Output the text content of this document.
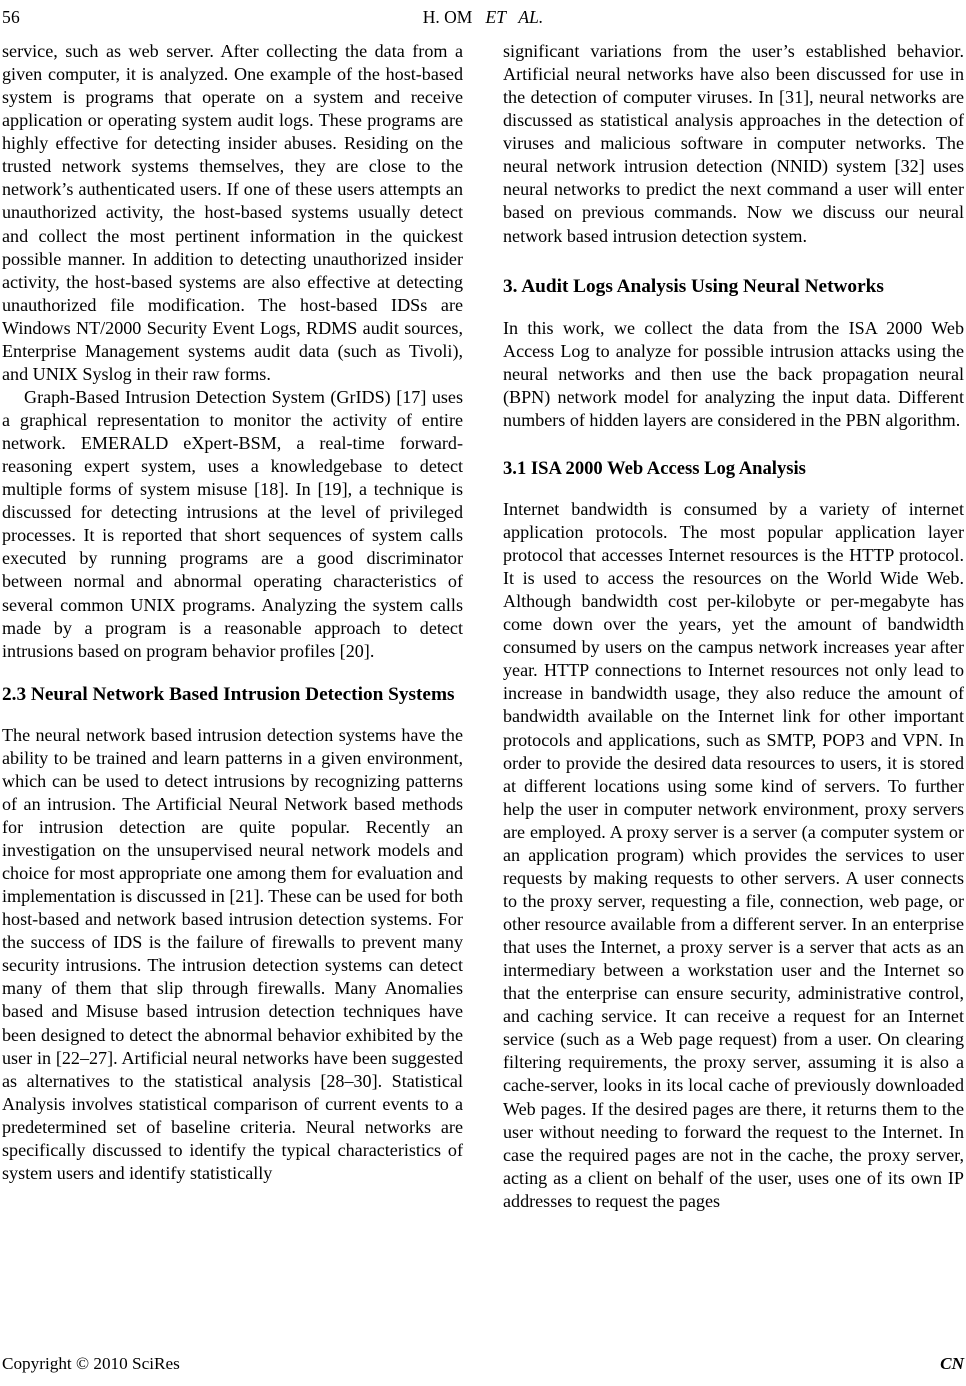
56	H. OM ET   AL.

service, such as web server. After collecting the data from a given computer, it is analyzed. One example of the host-based system is programs that operate on a system and receive application or operating system audit logs. These programs are highly effective for detecting insider abuses. Residing on the trusted network systems themselves, they are close to the network’s authenticated users. If one of these users attempts an unauthorized activity, the host-based systems usually detect and collect the most pertinent information in the quickest possible manner. In addition to detecting unauthorized insider activity, the host-based systems are also effective at detecting unauthorized file modification. The host-based IDSs are Windows NT/2000 Security Event Logs, RDMS audit sources, Enterprise Management systems audit data (such as Tivoli), and UNIX Syslog in their raw forms.

Graph-Based Intrusion Detection System (GrIDS) [17] uses a graphical representation to monitor the activity of entire network. EMERALD eXpert-BSM, a real-time forward-reasoning expert system, uses a knowledgebase to detect multiple forms of system misuse [18]. In [19], a technique is discussed for detecting intrusions at the level of privileged processes. It is reported that short sequences of system calls executed by running programs are a good discriminator between normal and abnormal operating characteristics of several common UNIX programs. Analyzing the system calls made by a program is a reasonable approach to detect intrusions based on program behavior profiles [20].

2.3 Neural Network Based Intrusion Detection Systems

The neural network based intrusion detection systems have the ability to be trained and learn patterns in a given environment, which can be used to detect intrusions by recognizing patterns of an intrusion. The Artificial Neural Network based methods for intrusion detection are quite popular. Recently an investigation on the unsupervised neural network models and choice for most appropriate one among them for evaluation and implementation is discussed in [21]. These can be used for both host-based and network based intrusion detection systems. For the success of IDS is the failure of firewalls to prevent many security intrusions. The intrusion detection systems can detect many of them that slip through firewalls. Many Anomalies based and Misuse based intrusion detection techniques have been designed to detect the abnormal behavior exhibited by the user in [22–27]. Artificial neural networks have been suggested as alternatives to the statistical analysis [28–30]. Statistical Analysis involves statistical comparison of current events to a predetermined set of baseline criteria. Neural networks are specifically discussed to identify the typical characteristics of system users and identify statistically

significant variations from the user’s established behavior. Artificial neural networks have also been discussed for use in the detection of computer viruses. In [31], neural networks are discussed as statistical analysis approaches in the detection of viruses and malicious software in computer networks. The neural network intrusion detection (NNID) system [32] uses neural networks to predict the next command a user will enter based on previous commands. Now we discuss our neural network based intrusion detection system.

3. Audit Logs Analysis Using Neural Networks

In this work, we collect the data from the ISA 2000 Web Access Log to analyze for possible intrusion attacks using the neural networks and then use the back propagation neural (BPN) network model for analyzing the input data. Different numbers of hidden layers are considered in the PBN algorithm.

3.1 ISA 2000 Web Access Log Analysis

Internet bandwidth is consumed by a variety of internet application protocols. The most popular application layer protocol that accesses Internet resources is the HTTP protocol. It is used to access the resources on the World Wide Web. Although bandwidth cost per-kilobyte or per-megabyte has come down over the years, yet the amount of bandwidth consumed by users on the campus network increases year after year. HTTP connections to Internet resources not only lead to increase in bandwidth usage, they also reduce the amount of bandwidth available on the Internet link for other important protocols and applications, such as SMTP, POP3 and VPN. In order to provide the desired data resources to users, it is stored at different locations using some kind of servers. To further help the user in computer network environment, proxy servers are employed. A proxy server is a server (a computer system or an application program) which provides the services to user requests by making requests to other servers. A user connects to the proxy server, requesting a file, connection, web page, or other resource available from a different server. In an enterprise that uses the Internet, a proxy server is a server that acts as an intermediary between a workstation user and the Internet so that the enterprise can ensure security, administrative control, and caching service. It can receive a request for an Internet service (such as a Web page request) from a user. On clearing filtering requirements, the proxy server, assuming it is also a cache-server, looks in its local cache of previously downloaded Web pages. If the desired pages are there, it returns them to the user without needing to forward the request to the Internet. In case the required pages are not in the cache, the proxy server, acting as a client on behalf of the user, uses one of its own IP addresses to request the pages

Copyright © 2010 SciRes	CN
